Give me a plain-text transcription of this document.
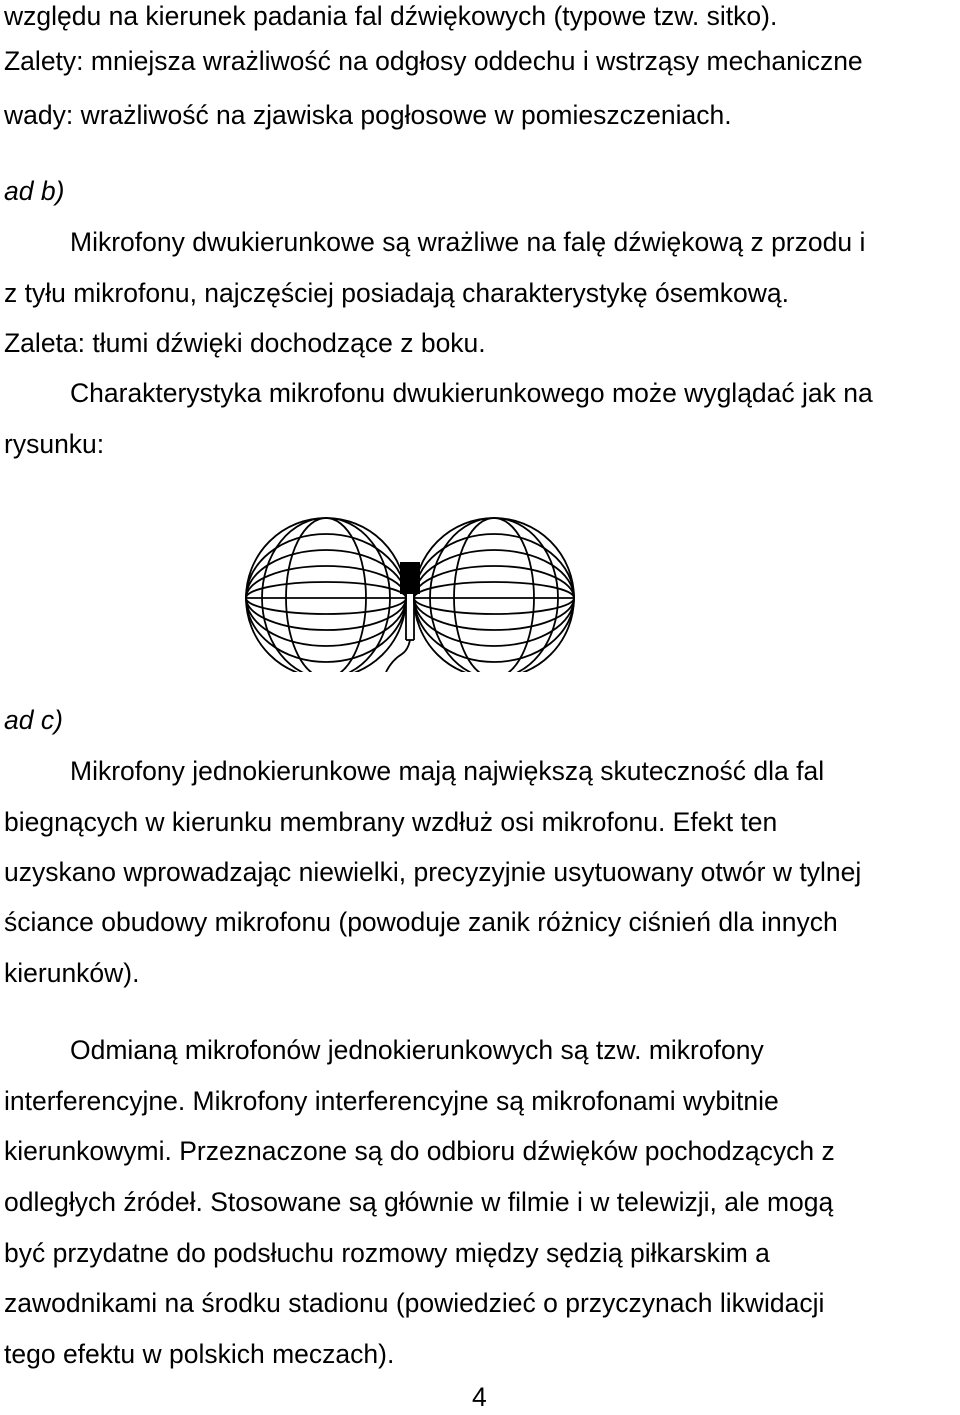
względu na kierunek padania fal dźwiękowych (typowe tzw. sitko).
Zalety: mniejsza wrażliwość na odgłosy oddechu i wstrząsy mechaniczne
wady: wrażliwość na zjawiska pogłosowe w pomieszczeniach.
ad b)
Mikrofony dwukierunkowe są wrażliwe na falę dźwiękową z przodu i
z tyłu mikrofonu, najczęściej posiadają charakterystykę ósemkową.
Zaleta: tłumi dźwięki dochodzące z boku.
Charakterystyka mikrofonu dwukierunkowego może wyglądać jak na
rysunku:
ad c)
Mikrofony jednokierunkowe mają największą skuteczność dla fal
biegnących w kierunku membrany wzdłuż osi mikrofonu. Efekt ten
uzyskano wprowadzając niewielki, precyzyjnie usytuowany otwór w tylnej
ściance obudowy mikrofonu (powoduje zanik różnicy ciśnień dla innych
kierunków).
Odmianą mikrofonów jednokierunkowych są tzw. mikrofony
interferencyjne. Mikrofony interferencyjne są mikrofonami wybitnie
kierunkowymi. Przeznaczone są do odbioru dźwięków pochodzących z
odległych źródeł. Stosowane są głównie w filmie i w telewizji, ale mogą
być przydatne do podsłuchu rozmowy między sędzią piłkarskim a
zawodnikami na środku stadionu (powiedzieć o przyczynach likwidacji
tego efektu w polskich meczach).
4
